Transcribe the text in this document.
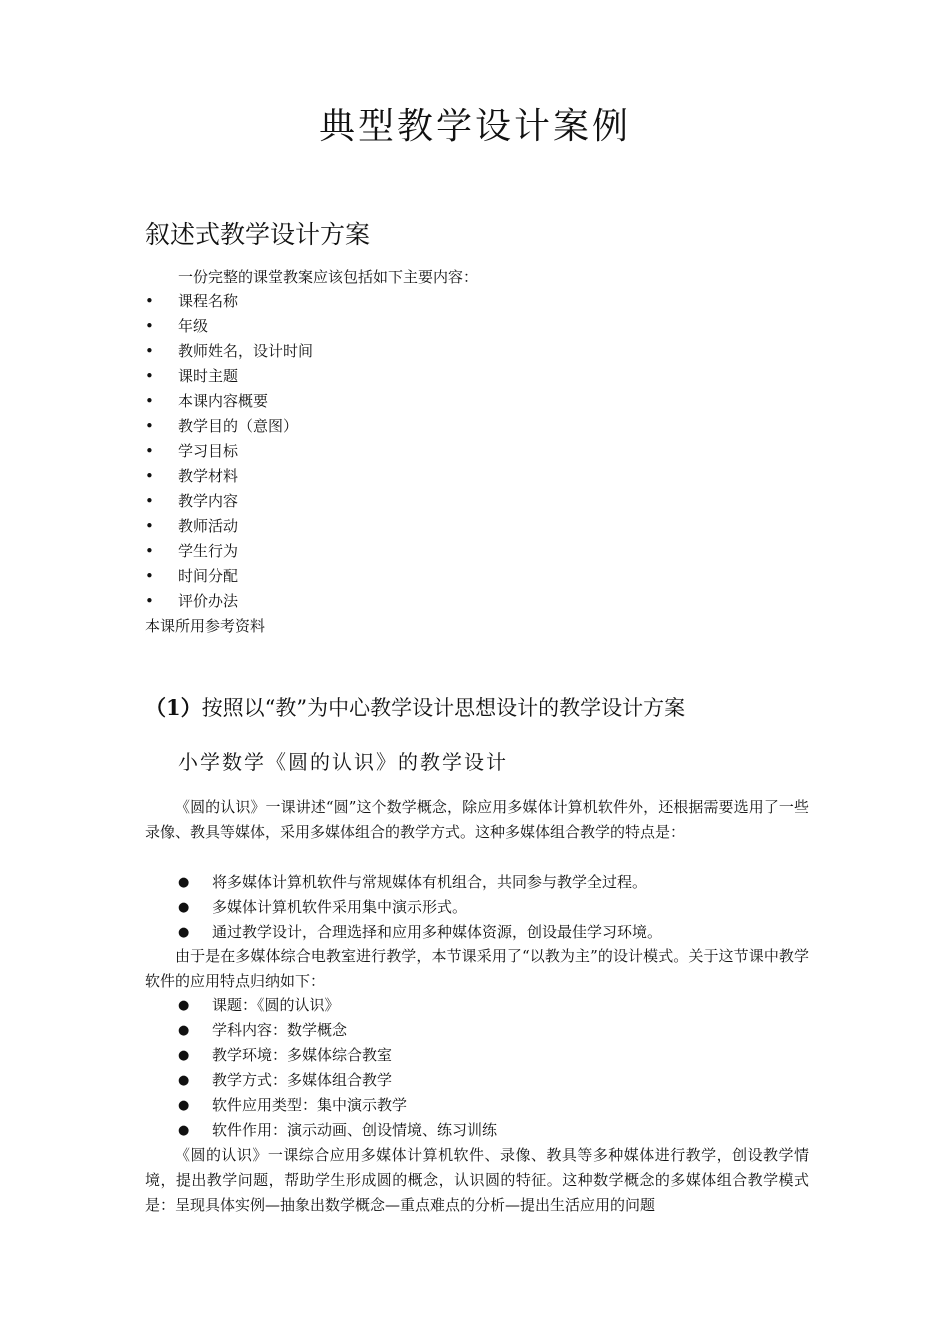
典型教学设计案例
叙述式教学设计方案

一份完整的课堂教案应该包括如下主要内容：

• 课程名称
• 年级
• 教师姓名，设计时间
• 课时主题
• 本课内容概要
• 教学目的（意图）
• 学习目标
• 教学材料
• 教学内容
• 教师活动
• 学生行为
• 时间分配
• 评价办法

本课所用参考资料

（1）按照以“教”为中心教学设计思想设计的教学设计方案
小学数学《圆的认识》的教学设计

《圆的认识》一课讲述“圆”这个数学概念，除应用多媒体计算机软件外，还根据需要选用了一些录像、教具等媒体，采用多媒体组合的教学方式。这种多媒体组合教学的特点是：

● 将多媒体计算机软件与常规媒体有机组合，共同参与教学全过程。
● 多媒体计算机软件采用集中演示形式。
● 通过教学设计，合理选择和应用多种媒体资源，创设最佳学习环境。

由于是在多媒体综合电教室进行教学，本节课采用了“以教为主”的设计模式。关于这节课中教学软件的应用特点归纳如下：

● 课题：《圆的认识》
● 学科内容：数学概念
● 教学环境：多媒体综合教室
● 教学方式：多媒体组合教学
● 软件应用类型：集中演示教学
● 软件作用：演示动画、创设情境、练习训练

《圆的认识》一课综合应用多媒体计算机软件、录像、教具等多种媒体进行教学，创设教学情境，提出教学问题，帮助学生形成圆的概念，认识圆的特征。这种数学概念的多媒体组合教学模式是：呈现具体实例—抽象出数学概念—重点难点的分析—提出生活应用的问题
